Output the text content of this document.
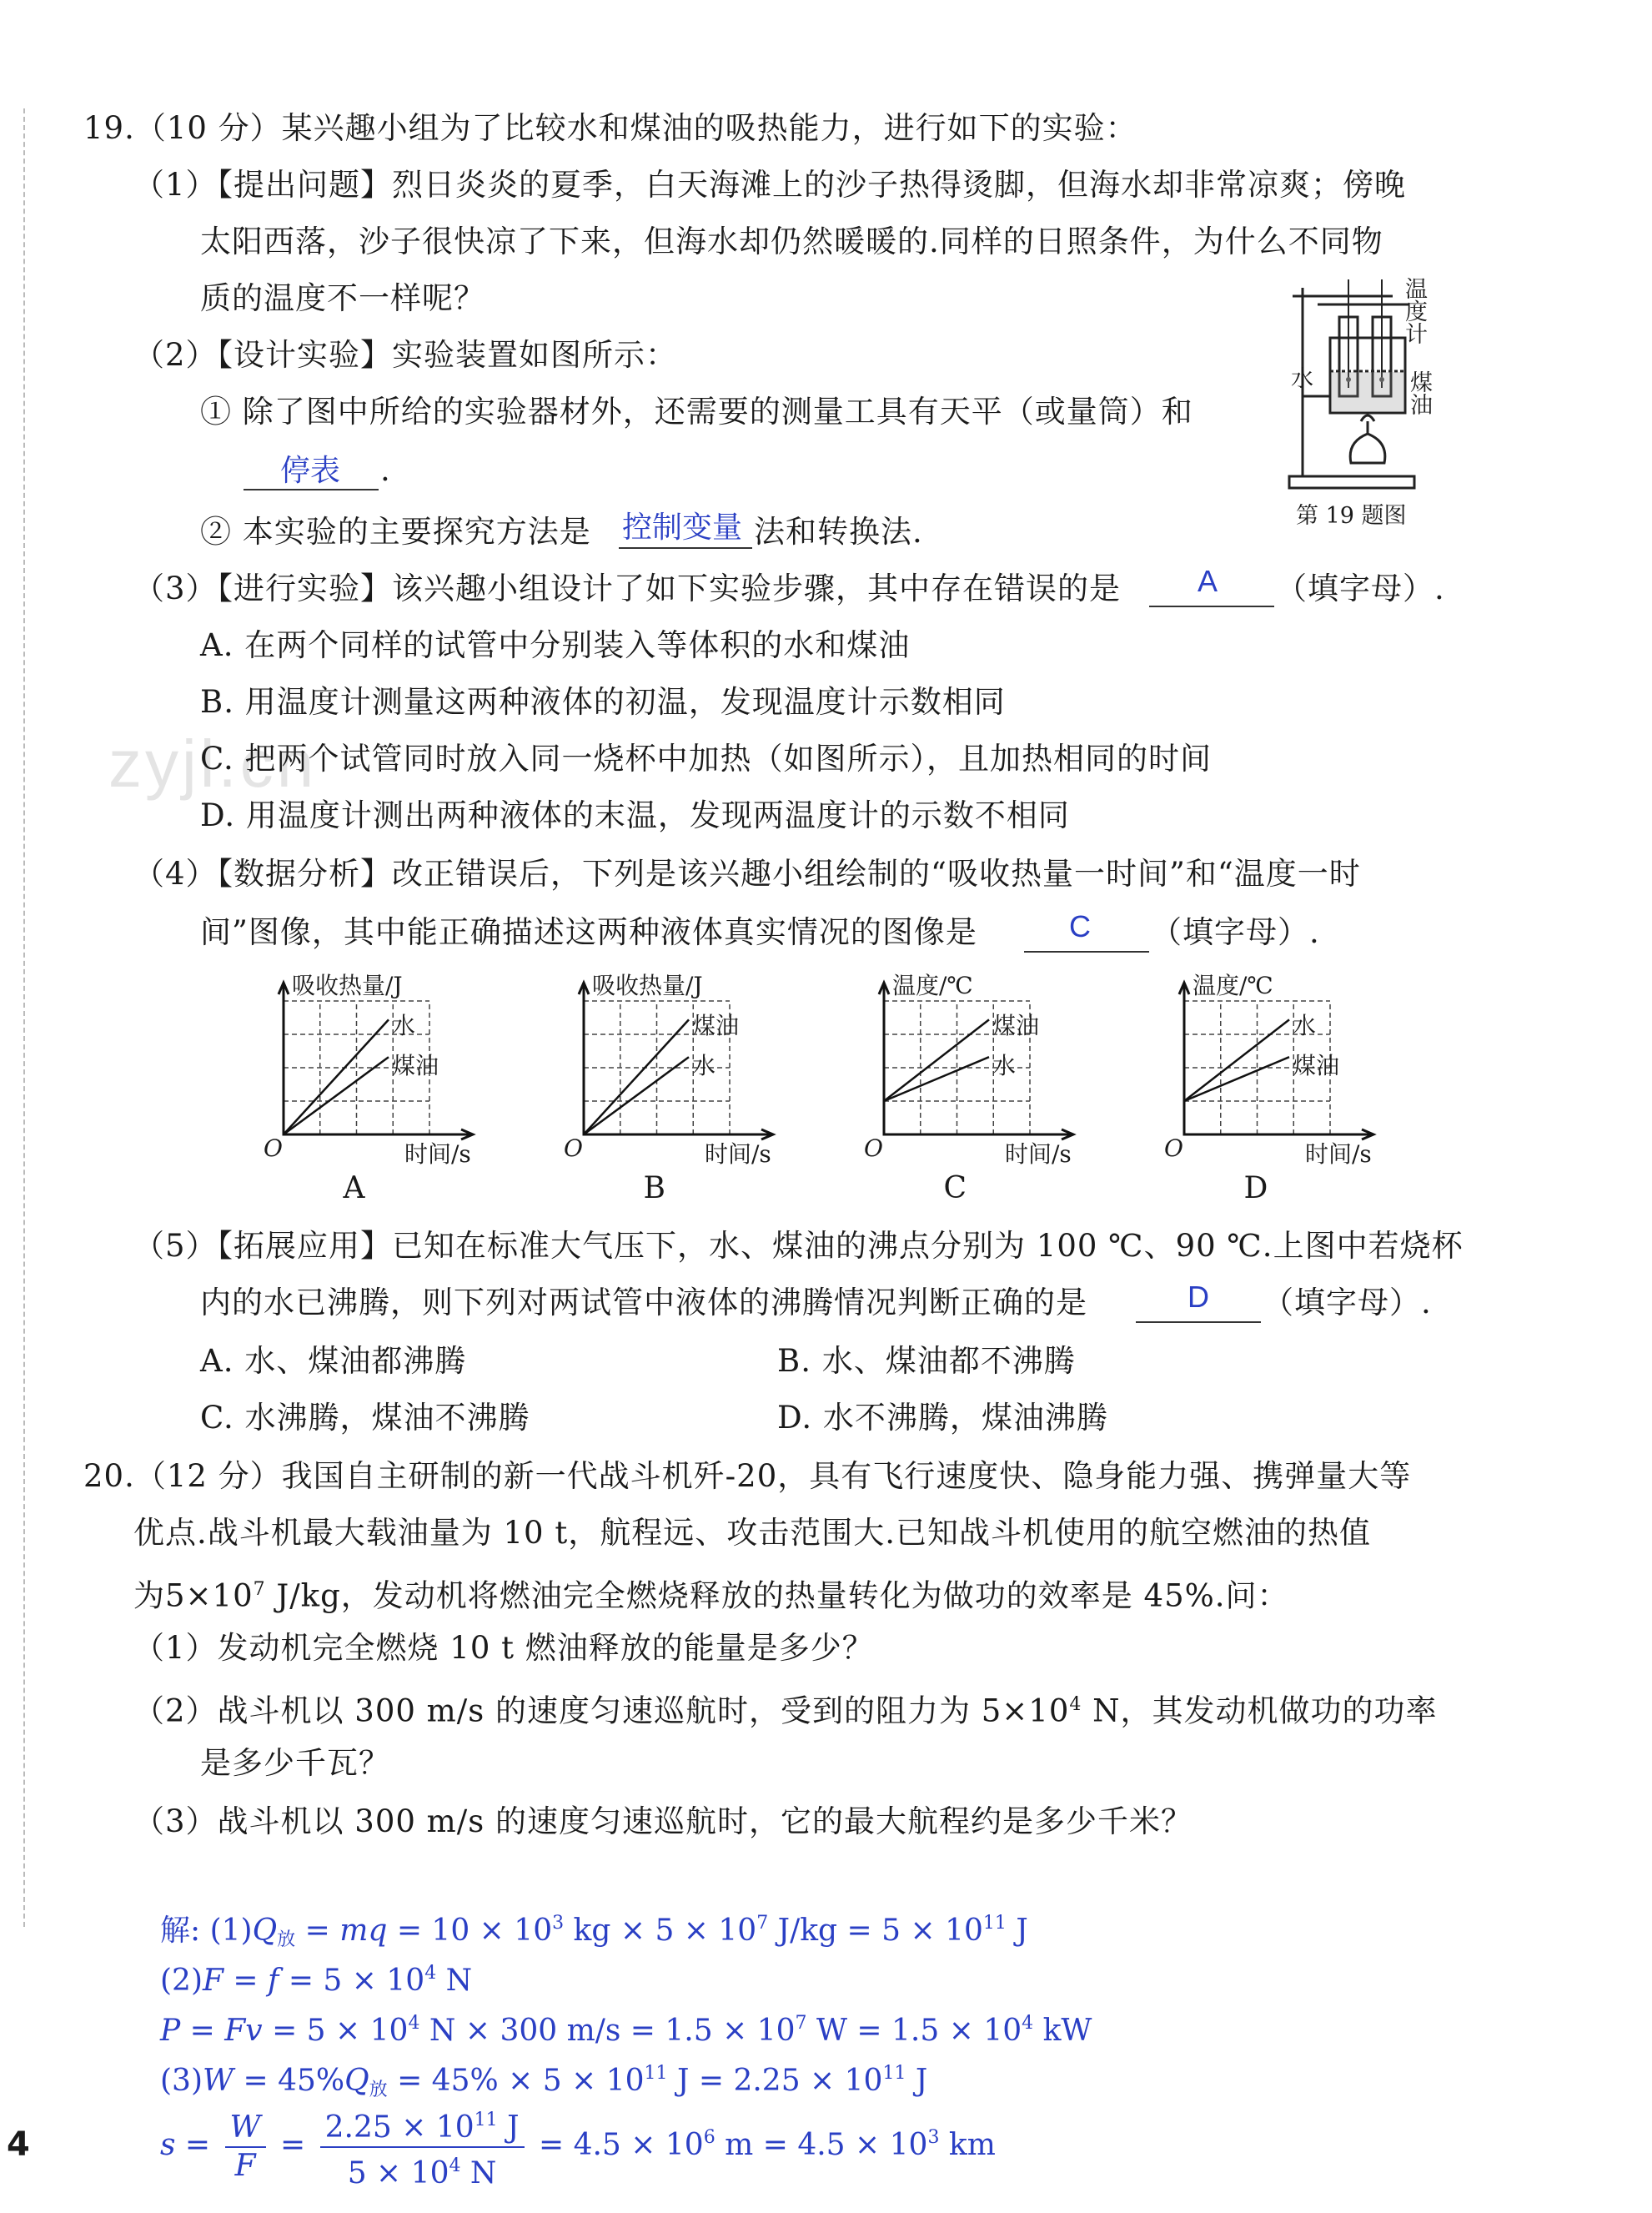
zyjl.cn
19.（10 分）某兴趣小组为了比较水和煤油的吸热能力，进行如下的实验：
（1）【提出问题】烈日炎炎的夏季，白天海滩上的沙子热得烫脚，但海水却非常凉爽；傍晚
太阳西落，沙子很快凉了下来，但海水却仍然暖暖的.同样的日照条件，为什么不同物
质的温度不一样呢？
（2）【设计实验】实验装置如图所示：
① 除了图中所给的实验器材外，还需要的测量工具有天平（或量筒）和
停表 .
② 本实验的主要探究方法是 控制变量 法和转换法.
（3）【进行实验】该兴趣小组设计了如下实验步骤，其中存在错误的是	A （填字母）.
A. 在两个同样的试管中分别装入等体积的水和煤油
B. 用温度计测量这两种液体的初温，发现温度计示数相同
C. 把两个试管同时放入同一烧杯中加热（如图所示），且加热相同的时间
D. 用温度计测出两种液体的末温，发现两温度计的示数不相同
（4）【数据分析】改正错误后，下列是该兴趣小组绘制的“吸收热量一时间”和“温度一时
间”图像，其中能正确描述这两种液体真实情况的图像是	C （填字母）.
温度计
水	煤油
第 19 题图
吸收热量/J
水
煤油
O	时间/s
A
吸收热量/J
煤油
水
O	时间/s
B
温度/℃
煤油
水
O	时间/s
C
温度/℃
水
煤油
O	时间/s
D
（5）【拓展应用】已知在标准大气压下，水、煤油的沸点分别为 100 ℃、90 ℃.上图中若烧杯
内的水已沸腾，则下列对两试管中液体的沸腾情况判断正确的是	D （填字母）.
A. 水、煤油都沸腾	B. 水、煤油都不沸腾
C. 水沸腾，煤油不沸腾	D. 水不沸腾，煤油沸腾
20.（12 分）我国自主研制的新一代战斗机歼-20，具有飞行速度快、隐身能力强、携弹量大等
优点.战斗机最大载油量为 10 t，航程远、攻击范围大.已知战斗机使用的航空燃油的热值
为$5\times 10^7$ J/kg，发动机将燃油完全燃烧释放的热量转化为做功的效率是 45%.问：
（1）发动机完全燃烧 10 t 燃油释放的能量是多少？
（2）战斗机以 300 m/s 的速度匀速巡航时，受到的阻力为 $5\times 10^4$ N，其发动机做功的功率
是多少千瓦？
（3）战斗机以 300 m/s 的速度匀速巡航时，它的最大航程约是多少千米？
解: $(1)Q_放$ = mq = $10 \times 10^3$ kg × $5 \times 10^7$ $J/kg = 5 \times 10^{11}$ J
$(2)F = f = 5 \times 10^4$ N
$P = Fv = 5 \times 10^4$ N × 300 $m/s = 1.5 \times 10^7$ $W = 1.5 \times 10^4$ kW
$(3)W = 45\%Q_放 = 45\% \times 5 \times 10^{11}$ $J = 2.25 \times 10^{11}$ J
$s = \frac{W}{F} = \frac{2.25 \times 10^{11} J}{5 \times 10^4 N} = 4.5 \times 10^6$ $m = 4.5 \times 10^3$ km
4
